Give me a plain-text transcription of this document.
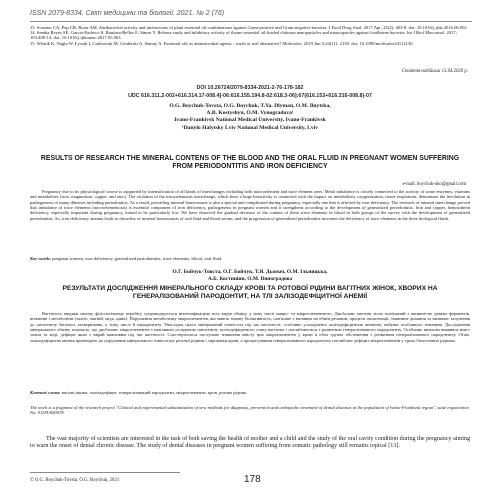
ISSN 2079-8334. Світ медицини та біології. 2021. № 2 (76)

13. Scarano CA, Pop CR, Rotar AM. Antibacterial activity and interactions of plant essential oil combinations against Gram-positive and Gram-negative bacteria. J Food Drug Anal. 2017 Apr; 25(2), 403-8. doi: 10.1016/j.jfda.2016.06.002.

14. Semba Reyes SE, Garcia-Pacheco S, Bautista-Bellez E, Simes Y. Release study and inhibitory activity of thyme essential oil-loaded chitosan nanoparticles and nanocapsules against foodborne bacteria. Int J Biol Macromol. 2017; 103:409-14. doi: 10.1016/j.ijbiomac.2017.05.063.

15. Wiśnik K, Nagła W, Łysiak I, Grabowski M, Cinderski A, Stanny A. Essential oils as antimicrobial agents – myth or real alternative? Molecules. 2019 Jun 5;24(11): 2130. doi: 10.3390/molecules24112130

Стаття надійшла 15.04.2020 р.
DOI 10.26724/2079-8334-2021-2-76-178-182
UDC 616.311.2-002+616.314.17-008.4]-06:616.155.194.8-02:618.3-06]:67(616.153+616.316-008.8)-07

O.G. Boychuk-Tovsta, O.G. Boychuk, T.Ya. Dlyman, O.M. Ilnytska,

A.B. Kostyshyn, O.M. Vynogradova¹

Ivano-Frankivsk National Medical University, Ivano-Frankivsk

¹Danylo Halytsky Lviv National Medical University, Lviv

RESULTS OF RESEARCH THE MINERAL CONTENS OF THE BLOOD AND THE ORAL FLUID IN PREGNANT WOMEN SUFFERING FROM PERIODONTITIS AND IRON DEFICIENCY
e-mail: boychuk-oko@gmail.com
Pregnancy due to its physiological course is supported by intensification of all kinds of interchanges including both macroelement and trace element ones. Metal imbalance is closely connected to the activity of some enzymes, vitamins and metabolites (iron, magnesium, copper, and zinc). The violation of the microelements interchange, which have a huge bioactivity is connected with the impact on metabolism, oxygenization, tissue respiration, determines the involution in pathogenesis of many illnesses including periodontitis. As a result, prevailing mineral homeostasis is also a special and complicated during pregnancy, especially one that is affected by iron deficiency. The research of mineral interchange proved that imbalance of trace elements (microelementosis) is essential component of iron deficiency, pathogenesis in pregnant women and it strengthens according to the development of generalized periodontitis. Iron and copper, hemosiderin deficiency, especially important during pregnancy, turned to be particularly low. We have observed the gradual decrease of the content of these trace elements in blood in both groups of the survey with the development of generalized periodontitis. So, iron deficiency anemia leads to disorders of mineral homeostasis of oral fluid and blood serum, and the progression of generalized periodontitis increases the deficiency of trace elements in the three biological fluids.
Key words: pregnant women, iron deficiency, generalized periodontitis, trace elements, blood, oral fluid.

О.Г. Бойчук-Товста, О.Г. Бойчук, Т.Я. Дьомач, О.М. Ільницька,

А.Б. Костишин, О.М. Виноградова

РЕЗУЛЬТАТИ ДОСЛІДЖЕННЯ МІНЕРАЛЬНОГО СКЛАДУ КРОВІ ТА РОТОВОЇ РІДИНИ ВАГІТНИХ ЖІНОК, ХВОРИХ НА ГЕНЕРАЛІЗОВАНИЙ ПАРОДОНТИТ, НА ТЛІ ЗАЛІЗОДЕФІЦИТНОЇ АНЕМІЇ
Вагітність завдяки своєму фізіологічному перебігу супроводжується інтенсифікацією всіх видів обміну, у тому числі макро- та мікроелементного. Дисбаланс металів тісно пов'язаний з активністю деяких ферментів, вітамінів і метаболітів (залізо, магній, мідь, цинк). Порушення метаболізму мікроелементів, які мають значну біоактивність, пов'язане з впливом на обмін речовин, процеси оксигенації, тканинне дихання та визначає залучення до патогенезу багатьох захворювань, у тому числі й пародонтиту. Унаслідок цього мінеральний гомеостаз під час вагітності, особливо ускладненої залізодефіцитною анемією, набуває особливого значення. Дослідження мінерального обміну показало, що дисбаланс мікроелементів є важливою складовою патогенезу залізодефіцитного стану вагітних і поглиблюється з розвитком генералізованого пародонтиту. Особливо низьким виявився вміст заліза та міді, дефіцит яких є вкрай важливим під час вагітності. Спостерігалося поступове зниження вмісту цих мікроелементів у крові в обох групах обстеження з розвитком генералізованого пародонтиту. Отже, залізодефіцитна анемія призводить до порушення мінерального гомеостазу ротової рідини і сироватки крові, а прогресування генералізованого пародонтиту поглиблює дефіцит мікроелементів у трьох біологічних рідинах.
Ключові слова: вагітні жінки, залізодефіцит, генералізований пародонтит, мікроелементи, кров, ротова рідина.
The work is a fragment of the research project "Clinical and experimental substantiation of new methods for diagnosis, prevention and orthopedic treatment of dental diseases in the population of Ivano-Frankivsk region", state registration No. 0118U000078.
The vast majority of scientists are interested in the task of both saving the health of mother and a child and the study of the oral cavity condition during the pregnancy aiming to warn the onset of dental chronic disease. The study of dental diseases in pregnant women suffering from somatic pathology still remains topical [13].
© O.G. Boychuk-Tovsta, O.G. Boychuk, 2021	178
